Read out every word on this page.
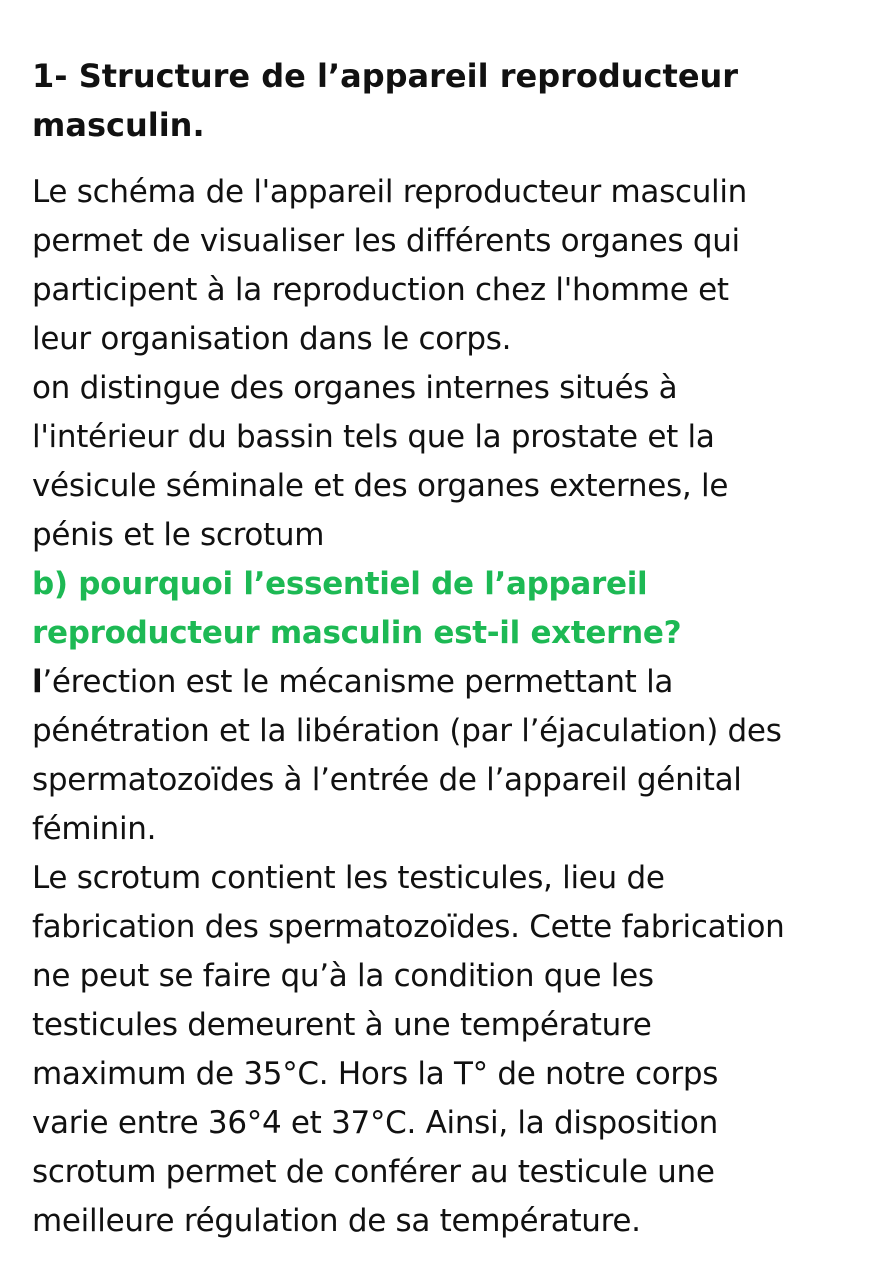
1- Structure de l’appareil reproducteur
masculin.

Le schéma de l'appareil reproducteur masculin
permet de visualiser les différents organes qui
participent à la reproduction chez l'homme et
leur organisation dans le corps.
on distingue des organes internes situés à
l'intérieur du bassin tels que la prostate et la
vésicule séminale et des organes externes, le
pénis et le scrotum

b) pourquoi l’essentiel de l’appareil
reproducteur masculin est-il externe?

l’érection est le mécanisme permettant la
pénétration et la libération (par l’éjaculation) des
spermatozoïdes à l’entrée de l’appareil génital
féminin.

Le scrotum contient les testicules, lieu de
fabrication des spermatozoïdes. Cette fabrication
ne peut se faire qu’à la condition que les
testicules demeurent à une température
maximum de 35°C. Hors la T° de notre corps
varie entre 36°4 et 37°C. Ainsi, la disposition
scrotum permet de conférer au testicule une
meilleure régulation de sa température.
